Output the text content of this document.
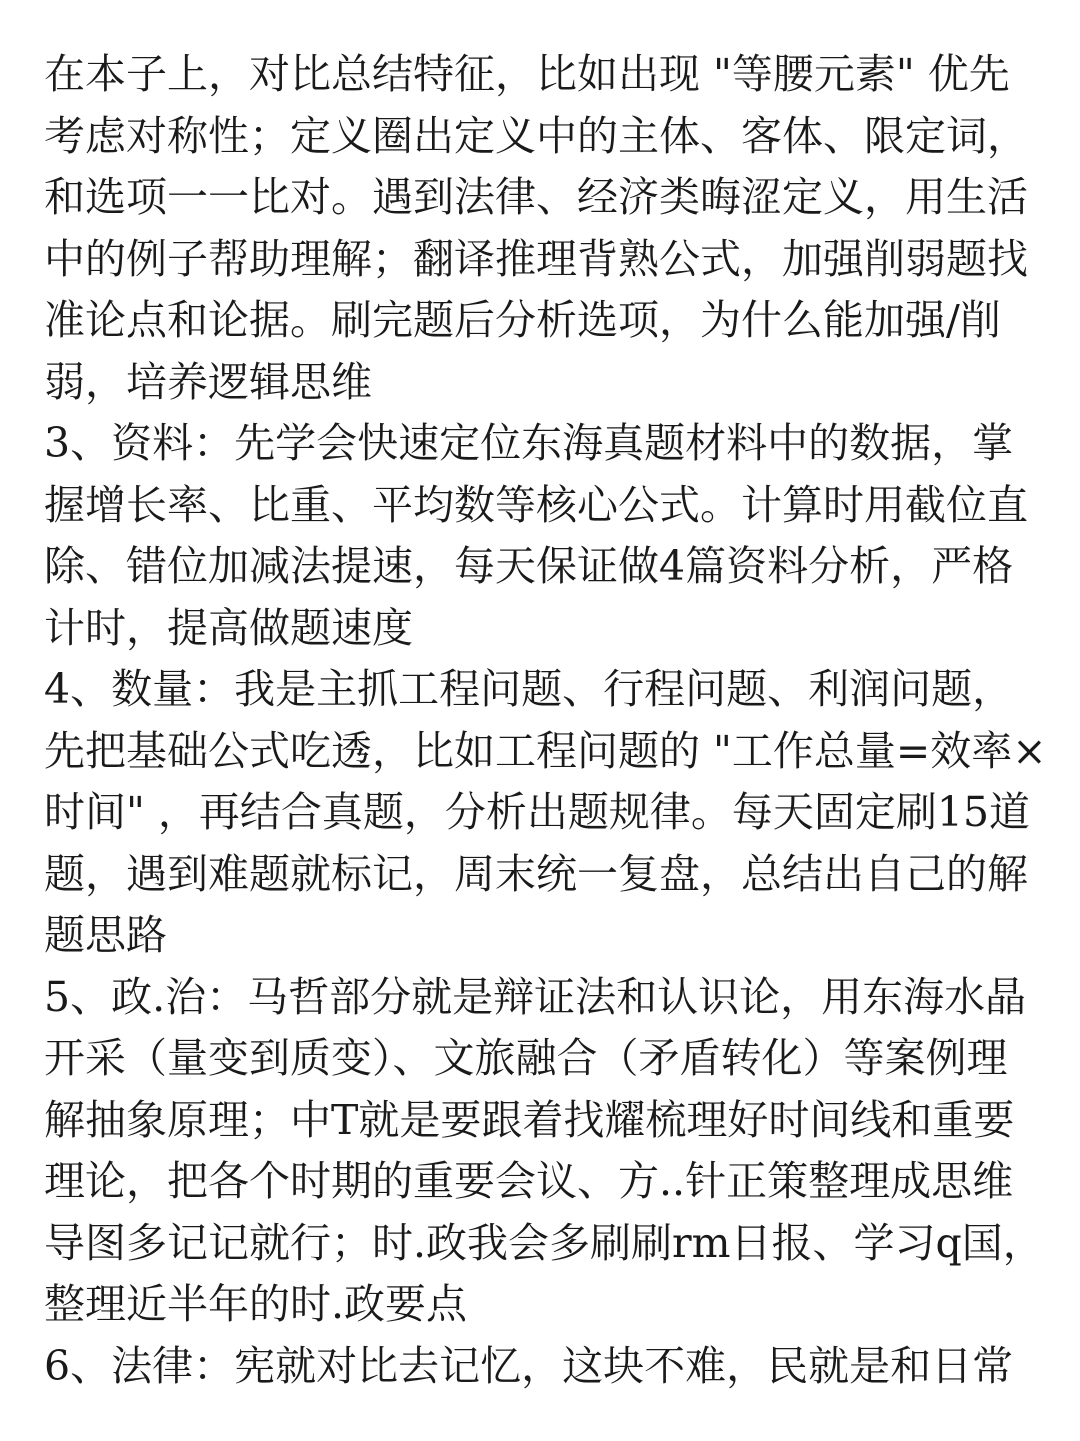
在本子上，对比总结特征，比如出现 "等腰元素" 优先
考虑对称性；定义圈出定义中的主体、客体、限定词，
和选项一一比对。遇到法律、经济类晦涩定义，用生活
中的例子帮助理解；翻译推理背熟公式，加强削弱题找
准论点和论据。刷完题后分析选项，为什么能加强/削
弱，培养逻辑思维
3、资料：先学会快速定位东海真题材料中的数据，掌
握增长率、比重、平均数等核心公式。计算时用截位直
除、错位加减法提速，每天保证做4篇资料分析，严格
计时，提高做题速度
4、数量：我是主抓工程问题、行程问题、利润问题，
先把基础公式吃透，比如工程问题的 "工作总量=效率×
时间" ，再结合真题，分析出题规律。每天固定刷15道
题，遇到难题就标记，周末统一复盘，总结出自己的解
题思路
5、政.治：马哲部分就是辩证法和认识论，用东海水晶
开采（量变到质变）、文旅融合（矛盾转化）等案例理
解抽象原理；中T就是要跟着找耀梳理好时间线和重要
理论，把各个时期的重要会议、方..针正策整理成思维
导图多记记就行；时.政我会多刷刷rm日报、学习q国，
整理近半年的时.政要点
6、法律：宪就对比去记忆，这块不难，民就是和日常
